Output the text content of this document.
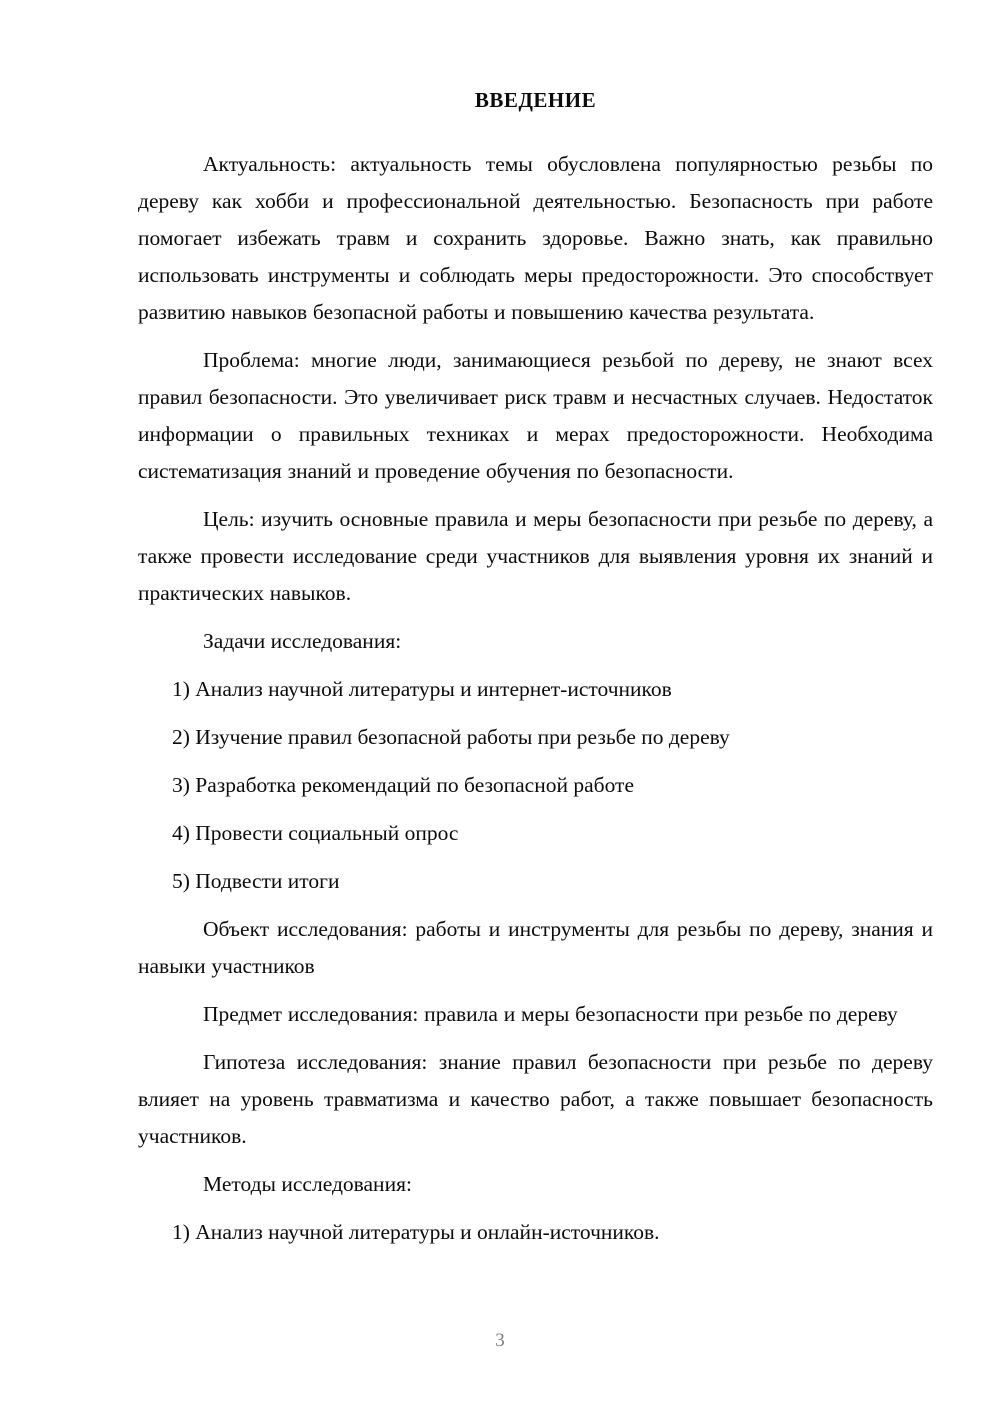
ВВЕДЕНИЕ

Актуальность: актуальность темы обусловлена популярностью резьбы по дереву как хобби и профессиональной деятельностью. Безопасность при работе помогает избежать травм и сохранить здоровье. Важно знать, как правильно использовать инструменты и соблюдать меры предосторожности. Это способствует развитию навыков безопасной работы и повышению качества результата.

Проблема: многие люди, занимающиеся резьбой по дереву, не знают всех правил безопасности. Это увеличивает риск травм и несчастных случаев. Недостаток информации о правильных техниках и мерах предосторожности. Необходима систематизация знаний и проведение обучения по безопасности.

Цель: изучить основные правила и меры безопасности при резьбе по дереву, а также провести исследование среди участников для выявления уровня их знаний и практических навыков.

Задачи исследования:

1) Анализ научной литературы и интернет-источников
2) Изучение правил безопасной работы при резьбе по дереву
3) Разработка рекомендаций по безопасной работе
4) Провести социальный опрос
5) Подвести итоги

Объект исследования: работы и инструменты для резьбы по дереву, знания и навыки участников

Предмет исследования: правила и меры безопасности при резьбе по дереву

Гипотеза исследования: знание правил безопасности при резьбе по дереву влияет на уровень травматизма и качество работ, а также повышает безопасность участников.

Методы исследования:

1) Анализ научной литературы и онлайн-источников.
3
